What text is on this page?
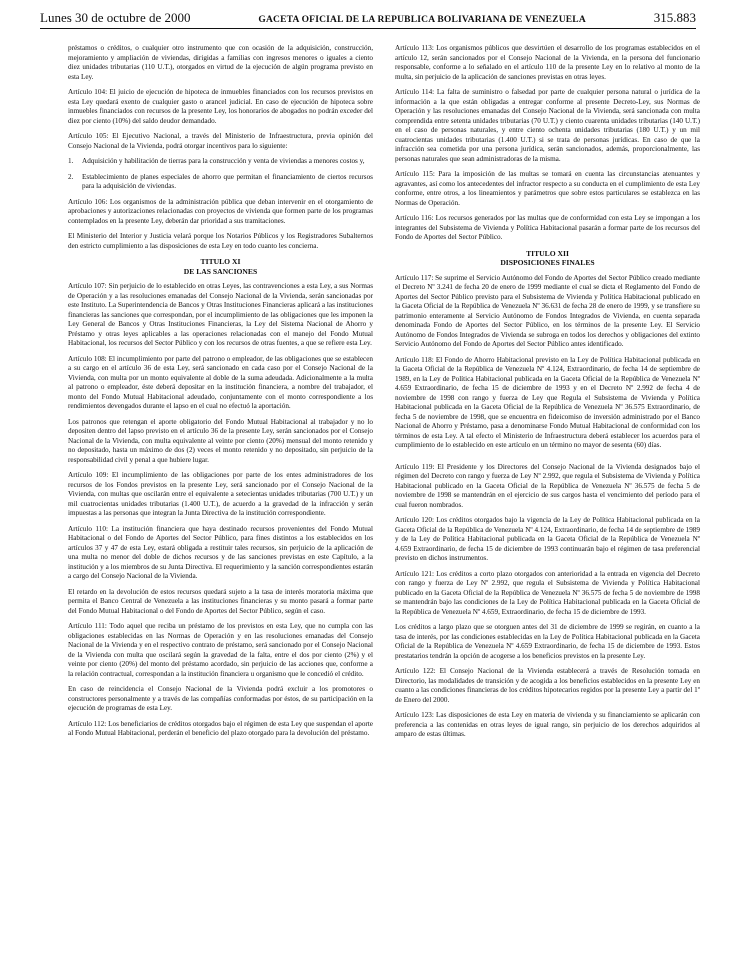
Lunes 30 de octubre de 2000	GACETA OFICIAL DE LA REPUBLICA BOLIVARIANA DE VENEZUELA	315.883

préstamos o créditos, o cualquier otro instrumento que con ocasión de la adquisición, construcción, mejoramiento y ampliación de viviendas, dirigidas a familias con ingresos menores o iguales a ciento diez unidades tributarias (110 U.T.), otorgados en virtud de la ejecución de algún programa previsto en esta Ley.

Artículo 104: El juicio de ejecución de hipoteca de inmuebles financiados con los recursos previstos en esta Ley quedará exento de cualquier gasto o arancel judicial. En caso de ejecución de hipoteca sobre inmuebles financiados con recursos de la presente Ley, los honorarios de abogados no podrán exceder del diez por ciento (10%) del saldo deudor demandado.

Artículo 105: El Ejecutivo Nacional, a través del Ministerio de Infraestructura, previa opinión del Consejo Nacional de la Vivienda, podrá otorgar incentivos para lo siguiente:

1.	Adquisición y habilitación de tierras para la construcción y venta de viviendas a menores costos y,
2.	Establecimiento de planes especiales de ahorro que permitan el financiamiento de ciertos recursos para la adquisición de viviendas.

Artículo 106: Los organismos de la administración pública que deban intervenir en el otorgamiento de aprobaciones y autorizaciones relacionadas con proyectos de vivienda que formen parte de los programas contemplados en la presente Ley, deberán dar prioridad a sus tramitaciones.

El Ministerio del Interior y Justicia velará porque los Notarios Públicos y los Registradores Subalternos den estricto cumplimiento a las disposiciones de esta Ley en todo cuanto les concierna.

TITULO XI
DE LAS SANCIONES

Artículo 107: Sin perjuicio de lo establecido en otras Leyes, las contravenciones a esta Ley, a sus Normas de Operación y a las resoluciones emanadas del Consejo Nacional de la Vivienda, serán sancionadas por este Instituto. La Superintendencia de Bancos y Otras Instituciones Financieras aplicará a las instituciones financieras las sanciones que correspondan, por el incumplimiento de las obligaciones que les imponen la Ley General de Bancos y Otras Instituciones Financieras, la Ley del Sistema Nacional de Ahorro y Préstamo y otras leyes aplicables a las operaciones relacionadas con el manejo del Fondo Mutual Habitacional, los recursos del Sector Público y con los recursos de otras fuentes, a que se refiere esta Ley.

Artículo 108: El incumplimiento por parte del patrono o empleador, de las obligaciones que se establecen a su cargo en el artículo 36 de esta Ley, será sancionado en cada caso por el Consejo Nacional de la Vivienda, con multa por un monto equivalente al doble de la suma adeudada. Adicionalmente a la multa al patrono o empleador, éste deberá depositar en la institución financiera, a nombre del trabajador, el monto del Fondo Mutual Habitacional adeudado, conjuntamente con el monto correspondiente a los rendimientos devengados durante el lapso en el cual no efectuó la aportación.

Los patronos que retengan el aporte obligatorio del Fondo Mutual Habitacional al trabajador y no lo depositen dentro del lapso previsto en el artículo 36 de la presente Ley, serán sancionados por el Consejo Nacional de la Vivienda, con multa equivalente al veinte por ciento (20%) mensual del monto retenido y no depositado, hasta un máximo de dos (2) veces el monto retenido y no depositado, sin perjuicio de la responsabilidad civil y penal a que hubiere lugar.

Artículo 109: El incumplimiento de las obligaciones por parte de los entes administradores de los recursos de los Fondos previstos en la presente Ley, será sancionado por el Consejo Nacional de la Vivienda, con multas que oscilarán entre el equivalente a setecientas unidades tributarias (700 U.T.) y un mil cuatrocientas unidades tributarias (1.400 U.T.), de acuerdo a la gravedad de la infracción y serán impuestas a las personas que integran la Junta Directiva de la institución correspondiente.

Artículo 110: La institución financiera que haya destinado recursos provenientes del Fondo Mutual Habitacional o del Fondo de Aportes del Sector Público, para fines distintos a los establecidos en los artículos 37 y 47 de esta Ley, estará obligada a restituir tales recursos, sin perjuicio de la aplicación de una multa no menor del doble de dichos recursos y de las sanciones previstas en este Capítulo, a la institución y a los miembros de su Junta Directiva. El requerimiento y la sanción correspondientes estarán a cargo del Consejo Nacional de la Vivienda.

El retardo en la devolución de estos recursos quedará sujeto a la tasa de interés moratoria máxima que permita el Banco Central de Venezuela a las instituciones financieras y su monto pasará a formar parte del Fondo Mutual Habitacional o del Fondo de Aportes del Sector Público, según el caso.

Artículo 111: Todo aquel que reciba un préstamo de los previstos en esta Ley, que no cumpla con las obligaciones establecidas en las Normas de Operación y en las resoluciones emanadas del Consejo Nacional de la Vivienda y en el respectivo contrato de préstamo, será sancionado por el Consejo Nacional de la Vivienda con multa que oscilará según la gravedad de la falta, entre el dos por ciento (2%) y el veinte por ciento (20%) del monto del préstamo acordado, sin perjuicio de las acciones que, conforme a la relación contractual, correspondan a la institución financiera u organismo que le concedió el crédito.

En caso de reincidencia el Consejo Nacional de la Vivienda podrá excluir a los promotores o constructores personalmente y a través de las compañías conformadas por éstos, de su participación en la ejecución de programas de esta Ley.

Artículo 112: Los beneficiarios de créditos otorgados bajo el régimen de esta Ley que suspendan el aporte al Fondo Mutual Habitacional, perderán el beneficio del plazo otorgado para la devolución del préstamo.

Artículo 113: Los organismos públicos que desvirtúen el desarrollo de los programas establecidos en el artículo 12, serán sancionados por el Consejo Nacional de la Vivienda, en la persona del funcionario responsable, conforme a lo señalado en el artículo 110 de la presente Ley en lo relativo al monto de la multa, sin perjuicio de la aplicación de sanciones previstas en otras leyes.

Artículo 114: La falta de suministro o falsedad por parte de cualquier persona natural o jurídica de la información a la que están obligadas a entregar conforme al presente Decreto-Ley, sus Normas de Operación y las resoluciones emanadas del Consejo Nacional de la Vivienda, será sancionada con multa comprendida entre setenta unidades tributarias (70 U.T.) y ciento cuarenta unidades tributarias (140 U.T.) en el caso de personas naturales, y entre ciento ochenta unidades tributarias (180 U.T.) y un mil cuatrocientas unidades tributarias (1.400 U.T.) si se trata de personas jurídicas. En caso de que la infracción sea cometida por una persona jurídica, serán sancionados, además, proporcionalmente, las personas naturales que sean administradoras de la misma.

Artículo 115: Para la imposición de las multas se tomará en cuenta las circunstancias atenuantes y agravantes, así como los antecedentes del infractor respecto a su conducta en el cumplimiento de esta Ley conforme, entre otros, a los lineamientos y parámetros que sobre estos particulares se establezca en las Normas de Operación.

Artículo 116: Los recursos generados por las multas que de conformidad con esta Ley se impongan a los integrantes del Subsistema de Vivienda y Política Habitacional pasarán a formar parte de los recursos del Fondo de Aportes del Sector Público.

TITULO XII
DISPOSICIONES FINALES

Artículo 117: Se suprime el Servicio Autónomo del Fondo de Aportes del Sector Público creado mediante el Decreto Nº 3.241 de fecha 20 de enero de 1999 mediante el cual se dicta el Reglamento del Fondo de Aportes del Sector Público previsto para el Subsistema de Vivienda y Política Habitacional publicado en la Gaceta Oficial de la República de Venezuela Nº 36.631 de fecha 28 de enero de 1999, y se transfiere su patrimonio enteramente al Servicio Autónomo de Fondos Integrados de Vivienda, en cuenta separada denominada Fondo de Aportes del Sector Público, en los términos de la presente Ley. El Servicio Autónomo de Fondos Integrados de Vivienda se subroga en todos los derechos y obligaciones del extinto Servicio Autónomo del Fondo de Aportes del Sector Público antes identificado.

Artículo 118: El Fondo de Ahorro Habitacional previsto en la Ley de Política Habitacional publicada en la Gaceta Oficial de la República de Venezuela Nº 4.124, Extraordinario, de fecha 14 de septiembre de 1989, en la Ley de Política Habitacional publicada en la Gaceta Oficial de la República de Venezuela Nº 4.659 Extraordinario, de fecha 15 de diciembre de 1993 y en el Decreto Nº 2.992 de fecha 4 de noviembre de 1998 con rango y fuerza de Ley que Regula el Subsistema de Vivienda y Política Habitacional publicada en la Gaceta Oficial de la República de Venezuela Nº 36.575 Extraordinario, de fecha 5 de noviembre de 1998, que se encuentra en fideicomiso de inversión administrado por el Banco Nacional de Ahorro y Préstamo, pasa a denominarse Fondo Mutual Habitacional de conformidad con los términos de esta Ley. A tal efecto el Ministerio de Infraestructura deberá establecer los acuerdos para el cumplimiento de lo establecido en este artículo en un término no mayor de sesenta (60) días.

Artículo 119: El Presidente y los Directores del Consejo Nacional de la Vivienda designados bajo el régimen del Decreto con rango y fuerza de Ley Nº 2.992, que regula el Subsistema de Vivienda y Política Habitacional publicado en la Gaceta Oficial de la República de Venezuela Nº 36.575 de fecha 5 de noviembre de 1998 se mantendrán en el ejercicio de sus cargos hasta el vencimiento del período para el cual fueron nombrados.

Artículo 120: Los créditos otorgados bajo la vigencia de la Ley de Política Habitacional publicada en la Gaceta Oficial de la República de Venezuela Nº 4.124, Extraordinario, de fecha 14 de septiembre de 1989 y de la Ley de Política Habitacional publicada en la Gaceta Oficial de la República de Venezuela Nº 4.659 Extraordinario, de fecha 15 de diciembre de 1993 continuarán bajo el régimen de tasa preferencial previsto en dichos instrumentos.

Artículo 121: Los créditos a corto plazo otorgados con anterioridad a la entrada en vigencia del Decreto con rango y fuerza de Ley Nº 2.992, que regula el Subsistema de Vivienda y Política Habitacional publicado en la Gaceta Oficial de la República de Venezuela Nº 36.575 de fecha 5 de noviembre de 1998 se mantendrán bajo las condiciones de la Ley de Política Habitacional publicada en la Gaceta Oficial de la República de Venezuela Nº 4.659, Extraordinario, de fecha 15 de diciembre de 1993.

Los créditos a largo plazo que se otorguen antes del 31 de diciembre de 1999 se regirán, en cuanto a la tasa de interés, por las condiciones establecidas en la Ley de Política Habitacional publicada en la Gaceta Oficial de la República de Venezuela Nº 4.659 Extraordinario, de fecha 15 de diciembre de 1993. Estos prestatarios tendrán la opción de acogerse a los beneficios previstos en la presente Ley.

Artículo 122: El Consejo Nacional de la Vivienda establecerá a través de Resolución tomada en Directorio, las modalidades de transición y de acogida a los beneficios establecidos en la presente Ley en cuanto a las condiciones financieras de los créditos hipotecarios regidos por la presente Ley a partir del 1º de Enero del 2000.

Artículo 123: Las disposiciones de esta Ley en materia de vivienda y su financiamiento se aplicarán con preferencia a las contenidas en otras leyes de igual rango, sin perjuicio de los derechos adquiridos al amparo de estas últimas.
